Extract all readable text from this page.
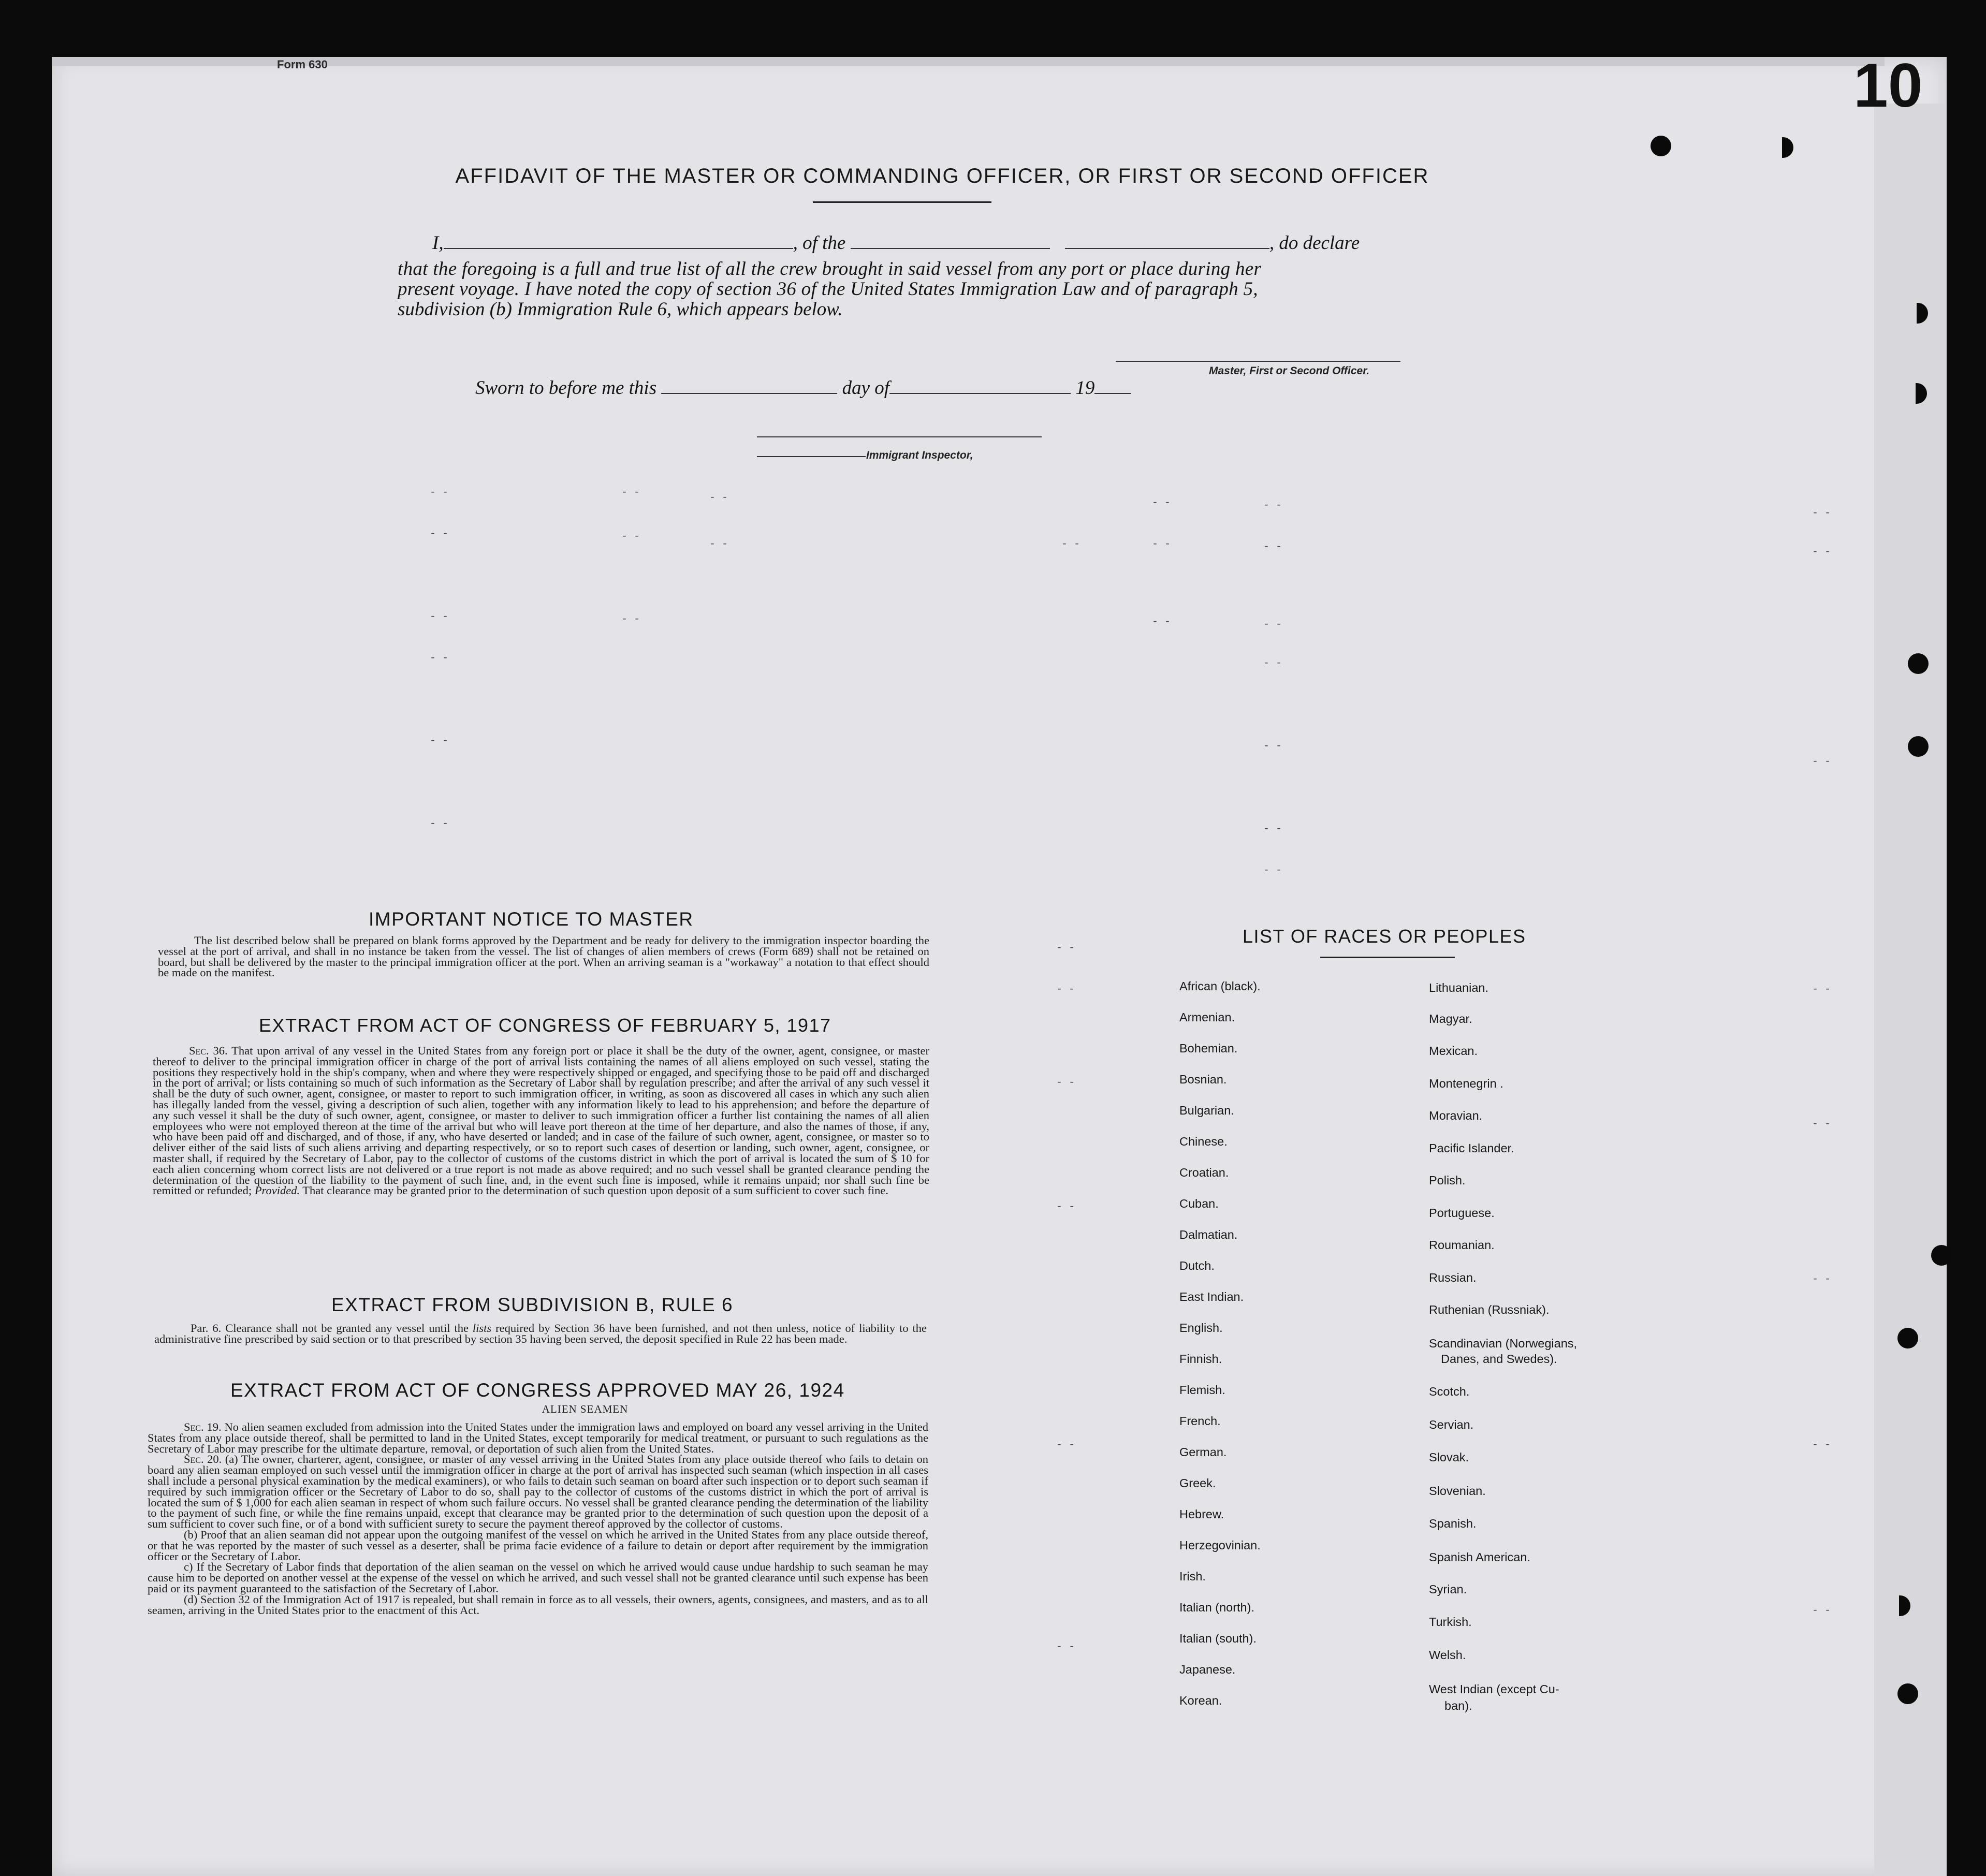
Form 630	10
AFFIDAVIT OF THE MASTER OR COMMANDING OFFICER, OR FIRST OR SECOND OFFICER
I,	, of the	, do declare
that the foregoing is a full and true list of all the crew brought in said vessel from any port or place during her
present voyage. I have noted the copy of section 36 of the United States Immigration Law and of paragraph 5,
subdivision (b) Immigration Rule 6, which appears below.
Master, First or Second Officer.
Sworn to before me this	day of	19
Immigrant Inspector,
- -	- -	- -	- -	- -
- -	- -
- -	- -	- -	- -
- -
- -
- -	- -	- -	- -
- -	- -
- -	- -
- -
- -	- -
- -
- -
- -
- -
- -
- -
- -
- -
- -
- -
- -
- -
IMPORTANT NOTICE TO MASTER

The list described below shall be prepared on blank forms approved by the Department and be ready for delivery to the immigration inspector boarding the vessel at the port of arrival, and shall in no instance be taken from the vessel. The list of changes of alien members of crews (Form 689) shall not be retained on board, but shall be delivered by the master to the principal immigration officer at the port. When an arriving seaman is a "workaway" a notation to that effect should be made on the manifest.

EXTRACT FROM ACT OF CONGRESS OF FEBRUARY 5, 1917

Sec. 36. That upon arrival of any vessel in the United States from any foreign port or place it shall be the duty of the owner, agent, consignee, or master thereof to deliver to the principal immigration officer in charge of the port of arrival lists containing the names of all aliens employed on such vessel, stating the positions they respectively hold in the ship's company, when and where they were respectively shipped or engaged, and specifying those to be paid off and discharged in the port of arrival; or lists containing so much of such information as the Secretary of Labor shall by regulation prescribe; and after the arrival of any such vessel it shall be the duty of such owner, agent, consignee, or master to report to such immigration officer, in writing, as soon as discovered all cases in which any such alien has illegally landed from the vessel, giving a description of such alien, together with any information likely to lead to his apprehension; and before the departure of any such vessel it shall be the duty of such owner, agent, consignee, or master to deliver to such immigration officer a further list containing the names of all alien employees who were not employed thereon at the time of the arrival but who will leave port thereon at the time of her departure, and also the names of those, if any, who have been paid off and discharged, and of those, if any, who have deserted or landed; and in case of the failure of such owner, agent, consignee, or master so to deliver either of the said lists of such aliens arriving and departing respectively, or so to report such cases of desertion or landing, such owner, agent, consignee, or master shall, if required by the Secretary of Labor, pay to the collector of customs of the customs district in which the port of arrival is located the sum of $ 10 for each alien concerning whom correct lists are not delivered or a true report is not made as above required; and no such vessel shall be granted clearance pending the determination of the question of the liability to the payment of such fine, and, in the event such fine is imposed, while it remains unpaid; nor shall such fine be remitted or refunded; Provided. That clearance may be granted prior to the determination of such question upon deposit of a sum sufficient to cover such fine.

EXTRACT FROM SUBDIVISION B, RULE 6

Par. 6. Clearance shall not be granted any vessel until the lists required by Section 36 have been furnished, and not then unless, notice of liability to the administrative fine prescribed by said section or to that prescribed by section 35 having been served, the deposit specified in Rule 22 has been made.

EXTRACT FROM ACT OF CONGRESS APPROVED MAY 26, 1924
ALIEN SEAMEN

Sec. 19. No alien seamen excluded from admission into the United States under the immigration laws and employed on board any vessel arriving in the United States from any place outside thereof, shall be permitted to land in the United States, except temporarily for medical treatment, or pursuant to such regulations as the Secretary of Labor may prescribe for the ultimate departure, removal, or deportation of such alien from the United States.

Sec. 20. (a) The owner, charterer, agent, consignee, or master of any vessel arriving in the United States from any place outside thereof who fails to detain on board any alien seaman employed on such vessel until the immigration officer in charge at the port of arrival has inspected such seaman (which inspection in all cases shall include a personal physical examination by the medical examiners), or who fails to detain such seaman on board after such inspection or to deport such seaman if required by such immigration officer or the Secretary of Labor to do so, shall pay to the collector of customs of the customs district in which the port of arrival is located the sum of $ 1,000 for each alien seaman in respect of whom such failure occurs. No vessel shall be granted clearance pending the determination of the liability to the payment of such fine, or while the fine remains unpaid, except that clearance may be granted prior to the determination of such question upon the deposit of a sum sufficient to cover such fine, or of a bond with sufficient surety to secure the payment thereof approved by the collector of customs.

(b) Proof that an alien seaman did not appear upon the outgoing manifest of the vessel on which he arrived in the United States from any place outside thereof, or that he was reported by the master of such vessel as a deserter, shall be prima facie evidence of a failure to detain or deport after requirement by the immigration officer or the Secretary of Labor.

c) If the Secretary of Labor finds that deportation of the alien seaman on the vessel on which he arrived would cause undue hardship to such seaman he may cause him to be deported on another vessel at the expense of the vessel on which he arrived, and such vessel shall not be granted clearance until such expense has been paid or its payment guaranteed to the satisfaction of the Secretary of Labor.

(d) Section 32 of the Immigration Act of 1917 is repealed, but shall remain in force as to all vessels, their owners, agents, consignees, and masters, and as to all seamen, arriving in the United States prior to the enactment of this Act.

LIST OF RACES OR PEOPLES
African (black).
Armenian.
Bohemian.
Bosnian.
Bulgarian.
Chinese.
Croatian.
Cuban.
Dalmatian.
Dutch.
East Indian.
English.
Finnish.
Flemish.
French.
German.
Greek.
Hebrew.
Herzegovinian.
Irish.
Italian (north).
Italian (south).
Japanese.
Korean.
Lithuanian.
Magyar.
Mexican.
Montenegrin .
Moravian.
Pacific Islander.
Polish.
Portuguese.
Roumanian.
Russian.
Ruthenian (Russniak).
Scandinavian (Norwegians,
Danes, and Swedes).
Scotch.
Servian.
Slovak.
Slovenian.
Spanish.
Spanish American.
Syrian.
Turkish.
Welsh.
West Indian (except Cu-
ban).
